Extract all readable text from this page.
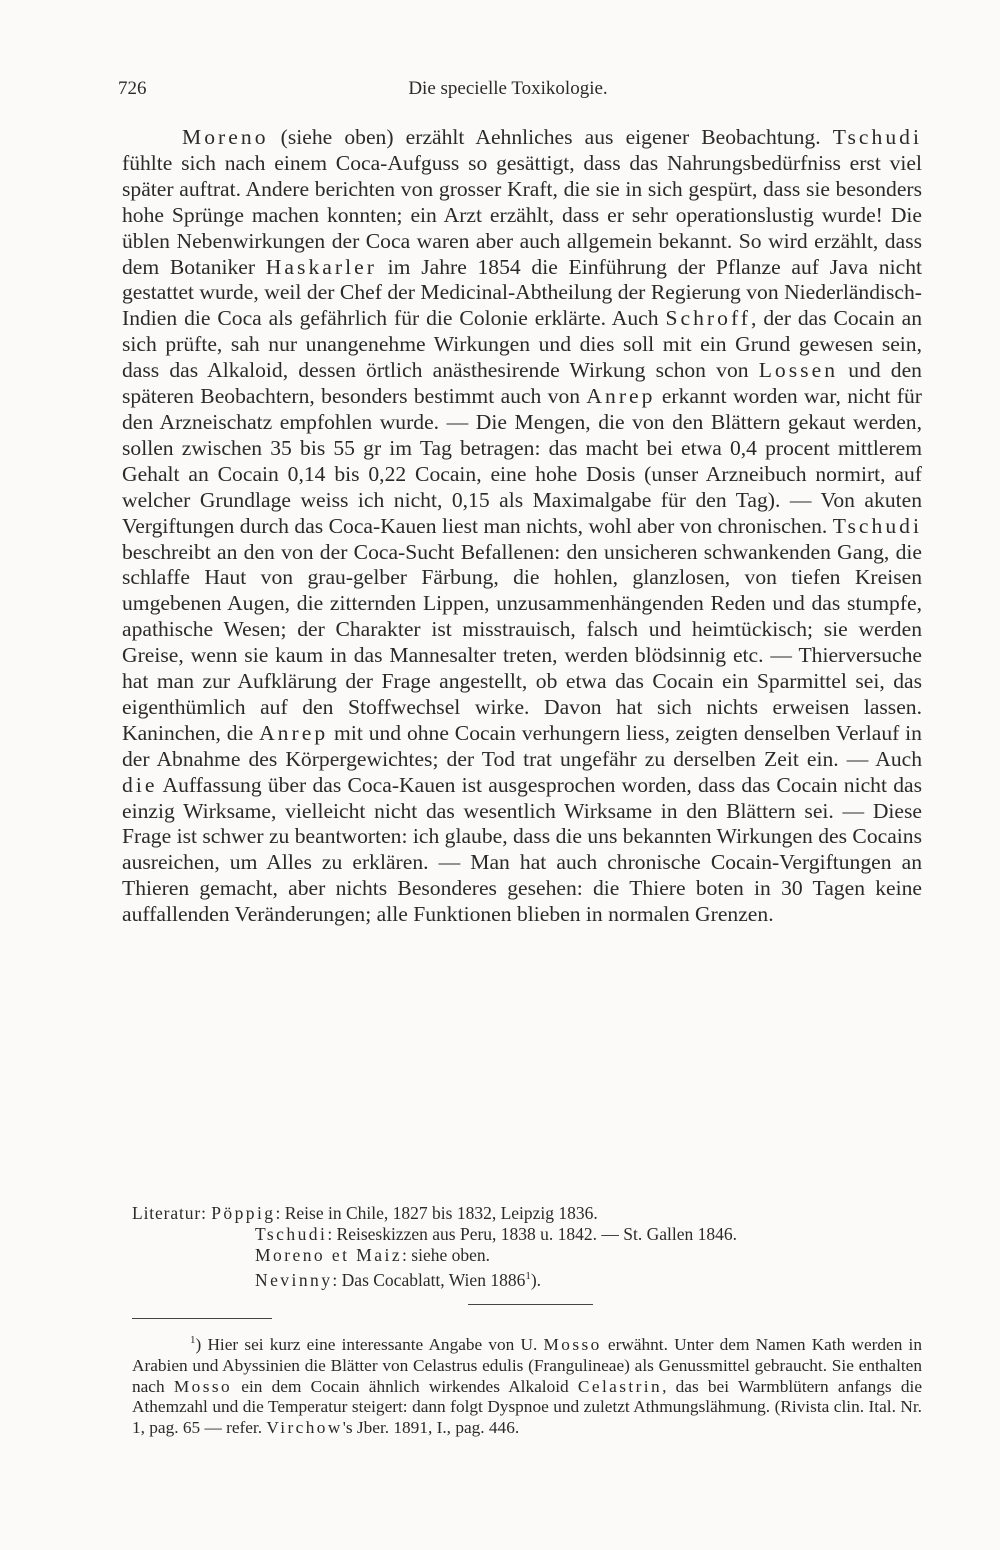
726	Die specielle Toxikologie.

Moreno (siehe oben) erzählt Aehnliches aus eigener Beobachtung. Tschudi fühlte sich nach einem Coca-Aufguss so gesättigt, dass das Nahrungsbedürfniss erst viel später auftrat. Andere berichten von grosser Kraft, die sie in sich gespürt, dass sie besonders hohe Sprünge machen konnten; ein Arzt erzählt, dass er sehr operationslustig wurde! Die üblen Nebenwirkungen der Coca waren aber auch allgemein bekannt. So wird erzählt, dass dem Botaniker Haskarler im Jahre 1854 die Einführung der Pflanze auf Java nicht gestattet wurde, weil der Chef der Medicinal-Abtheilung der Regierung von Niederländisch-Indien die Coca als gefährlich für die Colonie erklärte. Auch Schroff, der das Cocain an sich prüfte, sah nur unangenehme Wirkungen und dies soll mit ein Grund gewesen sein, dass das Alkaloid, dessen örtlich anästhesirende Wirkung schon von Lossen und den späteren Beobachtern, besonders bestimmt auch von Anrep erkannt worden war, nicht für den Arzneischatz empfohlen wurde. — Die Mengen, die von den Blättern gekaut werden, sollen zwischen 35 bis 55 gr im Tag betragen: das macht bei etwa 0,4 procent mittlerem Gehalt an Cocain 0,14 bis 0,22 Cocain, eine hohe Dosis (unser Arzneibuch normirt, auf welcher Grundlage weiss ich nicht, 0,15 als Maximalgabe für den Tag). — Von akuten Vergiftungen durch das Coca-Kauen liest man nichts, wohl aber von chronischen. Tschudi beschreibt an den von der Coca-Sucht Befallenen: den unsicheren schwankenden Gang, die schlaffe Haut von grau-gelber Färbung, die hohlen, glanzlosen, von tiefen Kreisen umgebenen Augen, die zitternden Lippen, unzusammenhängenden Reden und das stumpfe, apathische Wesen; der Charakter ist misstrauisch, falsch und heimtückisch; sie werden Greise, wenn sie kaum in das Mannesalter treten, werden blödsinnig etc. — Thierversuche hat man zur Aufklärung der Frage angestellt, ob etwa das Cocain ein Sparmittel sei, das eigenthümlich auf den Stoffwechsel wirke. Davon hat sich nichts erweisen lassen. Kaninchen, die Anrep mit und ohne Cocain verhungern liess, zeigten denselben Verlauf in der Abnahme des Körpergewichtes; der Tod trat ungefähr zu derselben Zeit ein. — Auch die Auffassung über das Coca-Kauen ist ausgesprochen worden, dass das Cocain nicht das einzig Wirksame, vielleicht nicht das wesentlich Wirksame in den Blättern sei. — Diese Frage ist schwer zu beantworten: ich glaube, dass die uns bekannten Wirkungen des Cocains ausreichen, um Alles zu erklären. — Man hat auch chronische Cocain-Vergiftungen an Thieren gemacht, aber nichts Besonderes gesehen: die Thiere boten in 30 Tagen keine auffallenden Veränderungen; alle Funktionen blieben in normalen Grenzen.

Literatur: Pöppig: Reise in Chile, 1827 bis 1832, Leipzig 1836.
Tschudi: Reiseskizzen aus Peru, 1838 u. 1842. — St. Gallen 1846.
Moreno et Maiz: siehe oben.
Nevinny: Das Cocablatt, Wien 1886$^1$).

$^1$) Hier sei kurz eine interessante Angabe von U. Mosso erwähnt. Unter dem Namen Kath werden in Arabien und Abyssinien die Blätter von Celastrus edulis (Frangulineae) als Genussmittel gebraucht. Sie enthalten nach Mosso ein dem Cocain ähnlich wirkendes Alkaloid Celastrin, das bei Warmblütern anfangs die Athemzahl und die Temperatur steigert: dann folgt Dyspnoe und zuletzt Athmungslähmung. (Rivista clin. Ital. Nr. 1, pag. 65 — refer. Virchow's Jber. 1891, I., pag. 446.
